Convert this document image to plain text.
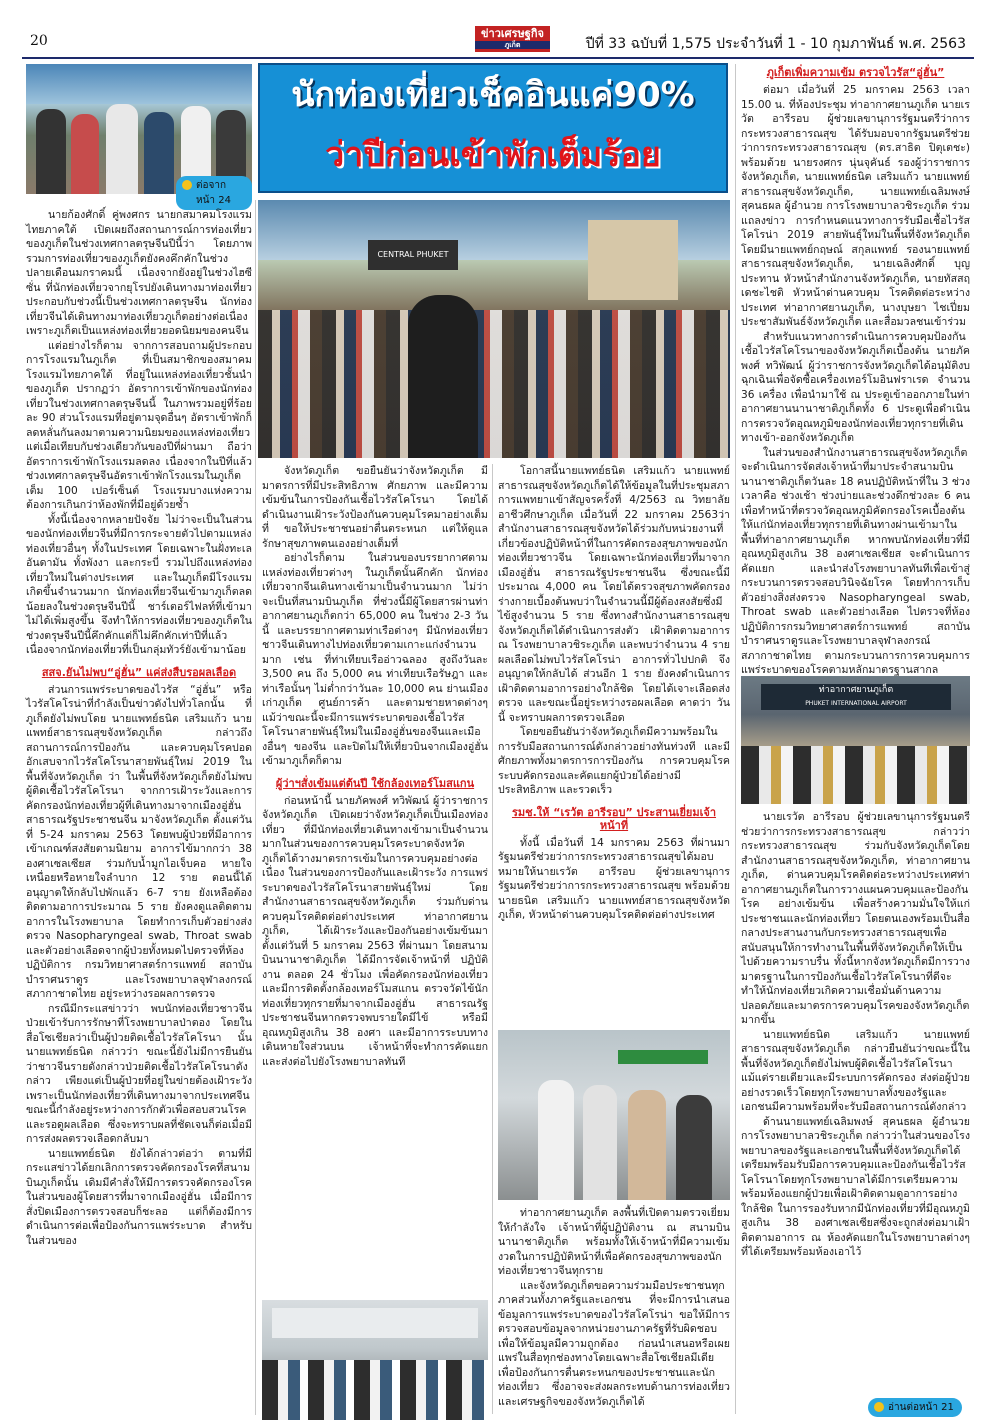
20	ข่าวเศรษฐกิจ
ภูเก็ต	ปีที่ 33 ฉบับที่ 1,575 ประจำวันที่ 1 - 10 กุมภาพันธ์ พ.ศ. 2563
ต่อจากหน้า 24
นักท่องเที่ยวเช็คอินแค่90%
ว่าปีก่อนเข้าพักเต็มร้อย
CENTRAL PHUKET

นายก้องศักดิ์ คู่พงศกร นายกสมาคมโรงแรมไทยภาคใต้ เปิดเผยถึงสถานการณ์การท่องเที่ยวของภูเก็ตในช่วงเทศกาลตรุษจีนปีนี้ว่า โดยภาพรวมการท่องเที่ยวของภูเก็ตยังคงคึกคักในช่วงปลายเดือนมกราคมนี้ เนื่องจากยังอยู่ในช่วงไฮซีซั่น ที่นักท่องเที่ยวจากยุโรปยังเดินทางมาท่องเที่ยว ประกอบกับช่วงนี้เป็นช่วงเทศกาลตรุษจีน นักท่องเที่ยวจีนได้เดินทางมาท่องเที่ยวภูเก็ตอย่างต่อเนื่อง เพราะภูเก็ตเป็นแหล่งท่องเที่ยวยอดนิยมของคนจีน

แต่อย่างไรก็ตาม จากการสอบถามผู้ประกอบการโรงแรมในภูเก็ต ที่เป็นสมาชิกของสมาคมโรงแรมไทยภาคใต้ ที่อยู่ในแหล่งท่องเที่ยวชั้นนำของภูเก็ต ปรากฏว่า อัตราการเข้าพักของนักท่องเที่ยวในช่วงเทศกาลตรุษจีนนี้ ในภาพรวมอยู่ที่ร้อยละ 90 ส่วนโรงแรมที่อยู่ตามจุดอื่นๆ อัตราเข้าพักก็ลดหลั่นกันลงมาตามความนิยมของแหล่งท่องเที่ยว แต่เมื่อเทียบกับช่วงเดียวกันของปีที่ผ่านมา ถือว่าอัตราการเข้าพักโรงแรมลดลง เนื่องจากในปีที่แล้ว ช่วงเทศกาลตรุษจีนอัตราเข้าพักโรงแรมในภูเก็ตเต็ม 100 เปอร์เซ็นต์ โรงแรมบางแห่งความต้องการเกินกว่าห้องพักที่มีอยู่ด้วยซ้ำ

ทั้งนี้เนื่องจากหลายปัจจัย ไม่ว่าจะเป็นในส่วนของนักท่องเที่ยวจีนที่มีการกระจายตัวไปตามแหล่งท่องเที่ยวอื่นๆ ทั้งในประเทศ โดยเฉพาะในฝั่งทะเลอันดามัน ทั้งพังงา และกระบี่ รวมไปถึงแหล่งท่องเที่ยวใหม่ในต่างประเทศ และในภูเก็ตมีโรงแรมเกิดขึ้นจำนวนมาก นักท่องเที่ยวจีนเข้ามาภูเก็ตลดน้อยลงในช่วงตรุษจีนปีนี้ ชาร์เตอร์ไฟลท์ที่เข้ามาไม่ได้เพิ่มสูงขึ้น จึงทำให้การท่องเที่ยวของภูเก็ตในช่วงตรุษจีนปีนี้คึกคักแต่ก็ไม่คึกคักเท่าปีที่แล้ว เนื่องจากนักท่องเที่ยวที่เป็นกลุ่มทัวร์ยังเข้ามาน้อย

สสจ.ยันไม่พบ“อู่ฮั่น” แค่ส่งสืบรอผลเลือด

ส่วนการแพร่ระบาดของไวรัส “อู่ฮั่น” หรือไวรัสโคโรน่าที่กำลังเป็นข่าวดังไปทั่วโลกนั้น ที่ภูเก็ตยังไม่พบโดย นายแพทย์ธนิต เสริมแก้ว นายแพทย์สาธารณสุขจังหวัดภูเก็ต กล่าวถึงสถานการณ์การป้องกัน และควบคุมโรคปอดอักเสบจากไวรัสโคโรนาสายพันธุ์ใหม่ 2019 ในพื้นที่จังหวัดภูเก็ต ว่า ในพื้นที่จังหวัดภูเก็ตยังไม่พบผู้ติดเชื้อไวรัสโคโรนา จากการเฝ้าระวังและการคัดกรองนักท่องเที่ยวผู้ที่เดินทางมาจากเมืองอู่ฮั่น สาธารณรัฐประชาชนจีน มาจังหวัดภูเก็ต ตั้งแต่วันที่ 5-24 มกราคม 2563 โดยพบผู้ป่วยที่มีอาการเข้าเกณฑ์สงสัยตามนิยาม อาการไข้มากกว่า 38 องศาเซลเซียส ร่วมกับน้ำมูกไอเจ็บคอ หายใจเหนื่อยหรือหายใจลำบาก 12 ราย ตอนนี้ได้อนุญาตให้กลับไปพักแล้ว 6-7 ราย ยังเหลือต้องติดตามอาการประมาณ 5 ราย ยังคงดูแลติดตามอาการในโรงพยาบาล โดยทำการเก็บตัวอย่างส่งตรวจ Nasopharyngeal swab, Throat swab และตัวอย่างเลือดจากผู้ป่วยทั้งหมดไปตรวจที่ห้องปฏิบัติการ กรมวิทยาศาสตร์การแพทย์ สถาบันบำราศนราดูร และโรงพยาบาลจุฬาลงกรณ์ สภากาชาดไทย อยู่ระหว่างรอผลการตรวจ

กรณีมีกระแสข่าวว่า พบนักท่องเที่ยวชาวจีนป่วยเข้ารับการรักษาที่โรงพยาบาลป่าตอง โดยในสื่อโซเชียลว่าเป็นผู้ป่วยติดเชื้อไวรัสโคโรนา นั้น นายแพทย์ธนิต กล่าวว่า ขณะนี้ยังไม่มีการยืนยันว่าชาวจีนรายดังกล่าวป่วยติดเชื้อไวรัสโคโรนาดังกล่าว เพียงแต่เป็นผู้ป่วยที่อยู่ในข่ายต้องเฝ้าระวัง เพราะเป็นนักท่องเที่ยวที่เดินทางมาจากประเทศจีน ขณะนี้กำลังอยู่ระหว่างการกักตัวเพื่อสอบสวนโรค และรอดูผลเลือด ซึ่งจะทราบผลที่ชัดเจนก็ต่อเมื่อมีการส่งผลตรวจเลือดกลับมา

นายแพทย์ธนิต ยังได้กล่าวต่อว่า ตามที่มีกระแสข่าวได้ยกเลิกการตรวจคัดกรองโรคที่สนามบินภูเก็ตนั้น เดิมมีคำสั่งให้มีการตรวจคัดกรองโรคในส่วนของผู้โดยสารที่มาจากเมืองอู่ฮั่น เมื่อมีการสั่งปิดเมืองการตรวจสอบก็ชะลอ แต่ก็ต้องมีการดำเนินการต่อเพื่อป้องกันการแพร่ระบาด สำหรับในส่วนของ

จังหวัดภูเก็ต ขอยืนยันว่าจังหวัดภูเก็ต มีมาตรการที่มีประสิทธิภาพ ศักยภาพ และมีความเข้มข้นในการป้องกันเชื้อไวรัสโคโรนา โดยได้ดำเนินงานเฝ้าระวังป้องกันควบคุมโรคมาอย่างเต็มที่ ขอให้ประชาชนอย่าตื่นตระหนก แต่ให้ดูแลรักษาสุขภาพตนเองอย่างเต็มที่

อย่างไรก็ตาม ในส่วนของบรรยากาศตามแหล่งท่องเที่ยวต่างๆ ในภูเก็ตนั้นคึกคัก นักท่องเที่ยวจากจีนเดินทางเข้ามาเป็นจำนวนมาก ไม่ว่าจะเป็นที่สนามบินภูเก็ต ที่ช่วงนี้มีผู้โดยสารผ่านท่าอากาศยานภูเก็ตกว่า 65,000 คน ในช่วง 2-3 วันนี้ และบรรยากาศตามท่าเรือต่างๆ มีนักท่องเที่ยวชาวจีนเดินทางไปท่องเที่ยวตามเกาะแก่งจำนวนมาก เช่น ที่ท่าเทียบเรืออ่าวฉลอง สูงถึงวันละ 3,500 คน ถึง 5,000 คน ท่าเทียบเรือรัษฎา และท่าเรือนั้นๆ ไม่ต่ำกว่าวันละ 10,000 คน ย่านเมืองเก่าภูเก็ต ศูนย์การค้า และตามชายหาดต่างๆ แม้ว่าขณะนี้จะมีการแพร่ระบาดของเชื้อไวรัสโคโรนาสายพันธุ์ใหม่ในเมืองอู่ฮั่นของจีนและเมืองอื่นๆ ของจีน และปิดไม่ให้เที่ยวบินจากเมืองอู่ฮั่นเข้ามาภูเก็ตก็ตาม

ผู้ว่าฯสั่งเข้มแต่ต้นปี ใช้กล้องเทอร์โมสแกน

ก่อนหน้านี้ นายภัคพงศ์ ทวิพัฒน์ ผู้ว่าราชการจังหวัดภูเก็ต เปิดเผยว่าจังหวัดภูเก็ตเป็นเมืองท่องเที่ยว ที่มีนักท่องเที่ยวเดินทางเข้ามาเป็นจำนวนมากในส่วนของการควบคุมโรคระบาดจังหวัดภูเก็ตได้วางมาตรการเข้มในการควบคุมอย่างต่อเนื่อง ในส่วนของการป้องกันและเฝ้าระวัง การแพร่ระบาดของไวรัสโคโรนาสายพันธุ์ใหม่ โดยสำนักงานสาธารณสุขจังหวัดภูเก็ต ร่วมกับด่านควบคุมโรคติดต่อต่างประเทศ ท่าอากาศยานภูเก็ต, ได้เฝ้าระวังและป้องกันอย่างเข้มข้นมาตั้งแต่วันที่ 5 มกราคม 2563 ที่ผ่านมา โดยสนามบินนานาชาติภูเก็ต ได้มีการจัดเจ้าหน้าที่ ปฏิบัติงาน ตลอด 24 ชั่วโมง เพื่อคัดกรองนักท่องเที่ยว และมีการติดตั้งกล้องเทอร์โมสแกน ตรวจวัดไข้นักท่องเที่ยวทุกรายที่มาจากเมืองอู่ฮั่น สาธารณรัฐประชาชนจีนหากตรวจพบรายใดมีไข้ หรือมีอุณหภูมิสูงเกิน 38 องศา และมีอาการระบบทางเดินหายใจส่วนบน เจ้าหน้าที่จะทำการคัดแยก และส่งต่อไปยังโรงพยาบาลทันที

โอกาสนี้นายแพทย์ธนิต เสริมแก้ว นายแพทย์สาธารณสุขจังหวัดภูเก็ตได้ให้ข้อมูลในที่ประชุมสภาการแพทยาแข้าสัญจรครั้งที่ 4/2563 ณ วิทยาลัยอาชีวศึกษาภูเก็ต เมื่อวันที่ 22 มกราคม 2563ว่า สำนักงานสาธารณสุขจังหวัดได้ร่วมกับหน่วยงานที่เกี่ยวข้องปฏิบัติหน้าที่ในการคัดกรองสุขภาพของนักท่องเที่ยวชาวจีน โดยเฉพาะนักท่องเที่ยวที่มาจากเมืองอู่ฮั่น สาธารณรัฐประชาชนจีน ซึ่งขณะนี้มีประมาณ 4,000 คน โดยได้ตรวจสุขภาพคัดกรองร่างกายเบื้องต้นพบว่าในจำนวนนี้มีผู้ต้องสงสัยซึ่งมีไข้สูงจำนวน 5 ราย ซึ่งทางสำนักงานสาธารณสุขจังหวัดภูเก็ตได้ดำเนินการส่งตัว เฝ้าติดตามอาการ ณ โรงพยาบาลวชิระภูเก็ต และพบว่าจำนวน 4 รายผลเลือดไม่พบไวรัสโคโรน่า อาการทั่วไปปกติ จึงอนุญาตให้กลับได้ ส่วนอีก 1 ราย ยังคงดำเนินการเฝ้าติดตามอาการอย่างใกล้ชิด โดยได้เจาะเลือดส่งตรวจ และขณะนี้อยู่ระหว่างรอผลเลือด คาดว่า วันนี้ จะทราบผลการตรวจเลือด

โดยขอยืนยันว่าจังหวัดภูเก็ตมีความพร้อมในการรับมือสถานการณ์ดังกล่าวอย่างทันท่วงที และมีศักยภาพทั้งมาตรการการป้องกัน การควบคุมโรค ระบบคัดกรองและคัดแยกผู้ป่วยได้อย่างมีประสิทธิภาพ และรวดเร็ว

รมช.ให้ “เรวัต อารีรอบ” ประสานเยี่ยมเจ้าหน้าที่

ทั้งนี้ เมื่อวันที่ 14 มกราคม 2563 ที่ผ่านมา รัฐมนตรีช่วยว่าการกระทรวงสาธารณสุขได้มอบหมายให้นายเรวัต อารีรอบ ผู้ช่วยเลขานุการรัฐมนตรีช่วยว่าการกระทรวงสาธารณสุข พร้อมด้วยนายธนิต เสริมแก้ว นายแพทย์สาธารณสุขจังหวัดภูเก็ต, หัวหน้าด่านควบคุมโรคติดต่อต่างประเทศ

ท่าอากาศยานภูเก็ต ลงพื้นที่เปิดตามตรวจเยี่ยมให้กำลังใจ เจ้าหน้าที่ผู้ปฏิบัติงาน ณ สนามบินนานาชาติภูเก็ต พร้อมทั้งให้เจ้าหน้าที่มีความเข้มงวดในการปฏิบัติหน้าที่เพื่อคัดกรองสุขภาพของนักท่องเที่ยวชาวจีนทุกราย

และจังหวัดภูเก็ตขอความร่วมมือประชาชนทุกภาคส่วนทั้งภาครัฐและเอกชน ที่จะมีการนำเสนอข้อมูลการแพร่ระบาดของไวรัสโคโรน่า ขอให้มีการตรวจสอบข้อมูลจากหน่วยงานภาครัฐที่รับผิดชอบ เพื่อให้ข้อมูลมีความถูกต้อง ก่อนนำเสนอหรือเผยแพร่ในสื่อทุกช่องทางโดยเฉพาะสื่อโซเชียลมีเดีย เพื่อป้องกันการตื่นตระหนกของประชาชนและนักท่องเที่ยว ซึ่งอาจจะส่งผลกระทบด้านการท่องเที่ยวและเศรษฐกิจของจังหวัดภูเก็ตได้

ภูเก็ตเพิ่มความเข้ม ตรวจไวรัส“อู่ฮั่น”

ต่อมา เมื่อวันที่ 25 มกราคม 2563 เวลา 15.00 น. ที่ห้องประชุม ท่าอากาศยานภูเก็ต นายเรวัต อารีรอบ ผู้ช่วยเลขานุการรัฐมนตรีว่าการกระทรวงสาธารณสุข ได้รับมอบจากรัฐมนตรีช่วยว่าการกระทรวงสาธารณสุข (ดร.สาธิต ปิตุเตชะ) พร้อมด้วย นายรงศกร นุ่นจุคันธ์ รองผู้ว่าราชการจังหวัดภูเก็ต, นายแพทย์ธนิต เสริมแก้ว นายแพทย์สาธารณสุขจังหวัดภูเก็ต, นายแพทย์เฉลิมพงษ์ สุคนธผล ผู้อำนวย การโรงพยาบาลวชิระภูเก็ต ร่วมแถลงข่าว การกำหนดแนวทางการรับมือเชื้อไวรัสโคโรน่า 2019 สายพันธุ์ใหม่ในพื้นที่จังหวัดภูเก็ต โดยมีนายแพทย์กฤษณ์ สกุลแพทย์ รองนายแพทย์สาธารณสุขจังหวัดภูเก็ต, นายเฉลิงศักดิ์ บุญประทาน หัวหน้าสำนักงานจังหวัดภูเก็ต, นายทัสสฤ เดชะไชติ หัวหน้าด่านควบคุม โรคติดต่อระหว่างประเทศ ท่าอากาศยานภูเก็ต, นางบุษยา ไชเปี่ยม ประชาสัมพันธ์จังหวัดภูเก็ต และสื่อมวลชนเข้าร่วม

สำหรับแนวทางการดำเนินการควบคุมป้องกันเชื้อไวรัสโคโรนาของจังหวัดภูเก็ตเบื้องต้น นายภัคพงศ์ ทวิพัฒน์ ผู้ว่าราชการจังหวัดภูเก็ตได้อนุมัติงบฉุกเฉินเพื่อจัดซื้อเครื่องเทอร์โมอินฟราเรด จำนวน 36 เครื่อง เพื่อนำมาใช้ ณ ประตูเข้าออกภายในท่าอากาศยานนานาชาติภูเก็ตทั้ง 6 ประตูเพื่อดำเนินการตรวจวัดอุณหภูมิของนักท่องเที่ยวทุกรายที่เดินทางเข้า-ออกจังหวัดภูเก็ต

ในส่วนของสำนักงานสาธารณสุขจังหวัดภูเก็ตจะดำเนินการจัดส่งเจ้าหน้าที่มาประจำสนามบินนานาชาติภูเก็ตวันละ 18 คนปฏิบัติหน้าที่ใน 3 ช่วงเวลาคือ ช่วงเช้า ช่วงบ่ายและช่วงดึกช่วงละ 6 คนเพื่อทำหน้าที่ตรวจวัดอุณหภูมิคัดกรองโรคเบื้องต้นให้แก่นักท่องเที่ยวทุกรายที่เดินทางผ่านเข้ามาในพื้นที่ท่าอากาศยานภูเก็ต หากพบนักท่องเที่ยวที่มีอุณหภูมิสูงเกิน 38 องศาเซลเซียส จะดำเนินการคัดแยก และนำส่งโรงพยาบาลทันทีเพื่อเข้าสู่กระบวนการตรวจสอบวินิจฉัยโรค โดยทำการเก็บตัวอย่างสิ่งส่งตรวจ Nasopharyngeal swab, Throat swab และตัวอย่างเลือด ไปตรวจที่ห้องปฏิบัติการกรมวิทยาศาสตร์การแพทย์ สถาบันบำราศนราดูรและโรงพยาบาลจุฬาลงกรณ์ สภากาชาดไทย ตามกระบวนการการควบคุมการแพร่ระบาดของโรคตามหลักมาตรฐานสากล

ท่าอากาศยานภูเก็ต
PHUKET INTERNATIONAL AIRPORT

นายเรวัต อารีรอบ ผู้ช่วยเลขานุการรัฐมนตรีช่วยว่าการกระทรวงสาธารณสุข กล่าวว่า กระทรวงสาธารณสุข ร่วมกับจังหวัดภูเก็ตโดยสำนักงานสาธารณสุขจังหวัดภูเก็ต, ท่าอากาศยานภูเก็ต, ด่านควบคุมโรคติดต่อระหว่างประเทศท่าอากาศยานภูเก็ตในการวางแผนควบคุมและป้องกันโรค อย่างเข้มข้น เพื่อสร้างความมั่นใจให้แก่ประชาชนและนักท่องเที่ยว โดยตนเองพร้อมเป็นสื่อกลางประสานงานกับกระทรวงสาธารณสุขเพื่อสนับสนุนให้การทำงานในพื้นที่จังหวัดภูเก็ตให้เป็นไปด้วยความราบรื่น ทั้งนี้หากจังหวัดภูเก็ตมีการวางมาตรฐานในการป้องกันเชื้อไวรัสโคโรนาที่ดีจะทำให้นักท่องเที่ยวเกิดความเชื่อมั่นด้านความปลอดภัยและมาตรการควบคุมโรคของจังหวัดภูเก็ตมากขึ้น

นายแพทย์ธนิต เสริมแก้ว นายแพทย์สาธารณสุขจังหวัดภูเก็ต กล่าวยืนยันว่าขณะนี้ในพื้นที่จังหวัดภูเก็ตยังไม่พบผู้ติดเชื้อไวรัสโคโรนา แม้แต่รายเดียวและมีระบบการคัดกรอง ส่งต่อผู้ป่วยอย่างรวดเร็วโดยทุกโรงพยาบาลทั้งของรัฐและเอกชนมีความพร้อมที่จะรับมือสถานการณ์ดังกล่าว

ด้านนายแพทย์เฉลิมพงษ์ สุคนธผล ผู้อำนวย การโรงพยาบาลวชิระภูเก็ต กล่าวว่าในส่วนของโรงพยาบาลของรัฐและเอกชนในพื้นที่จังหวัดภูเก็ตได้เตรียมพร้อมรับมือการควบคุมและป้องกันเชื้อไวรัสโคโรนาโดยทุกโรงพยาบาลได้มีการเตรียมความพร้อมห้องแยกผู้ป่วยเพื่อเฝ้าติดตามดูอาการอย่างใกล้ชิด ในการรองรับหากมีนักท่องเที่ยวที่มีอุณหภูมิสูงเกิน 38 องศาเซลเซียสซึ่งจะถูกส่งต่อมาเฝ้าติดตามอาการ ณ ห้องคัดแยกในโรงพยาบาลต่างๆ ที่ได้เตรียมพร้อมห้องเอาไว้

อ่านต่อหน้า 21
